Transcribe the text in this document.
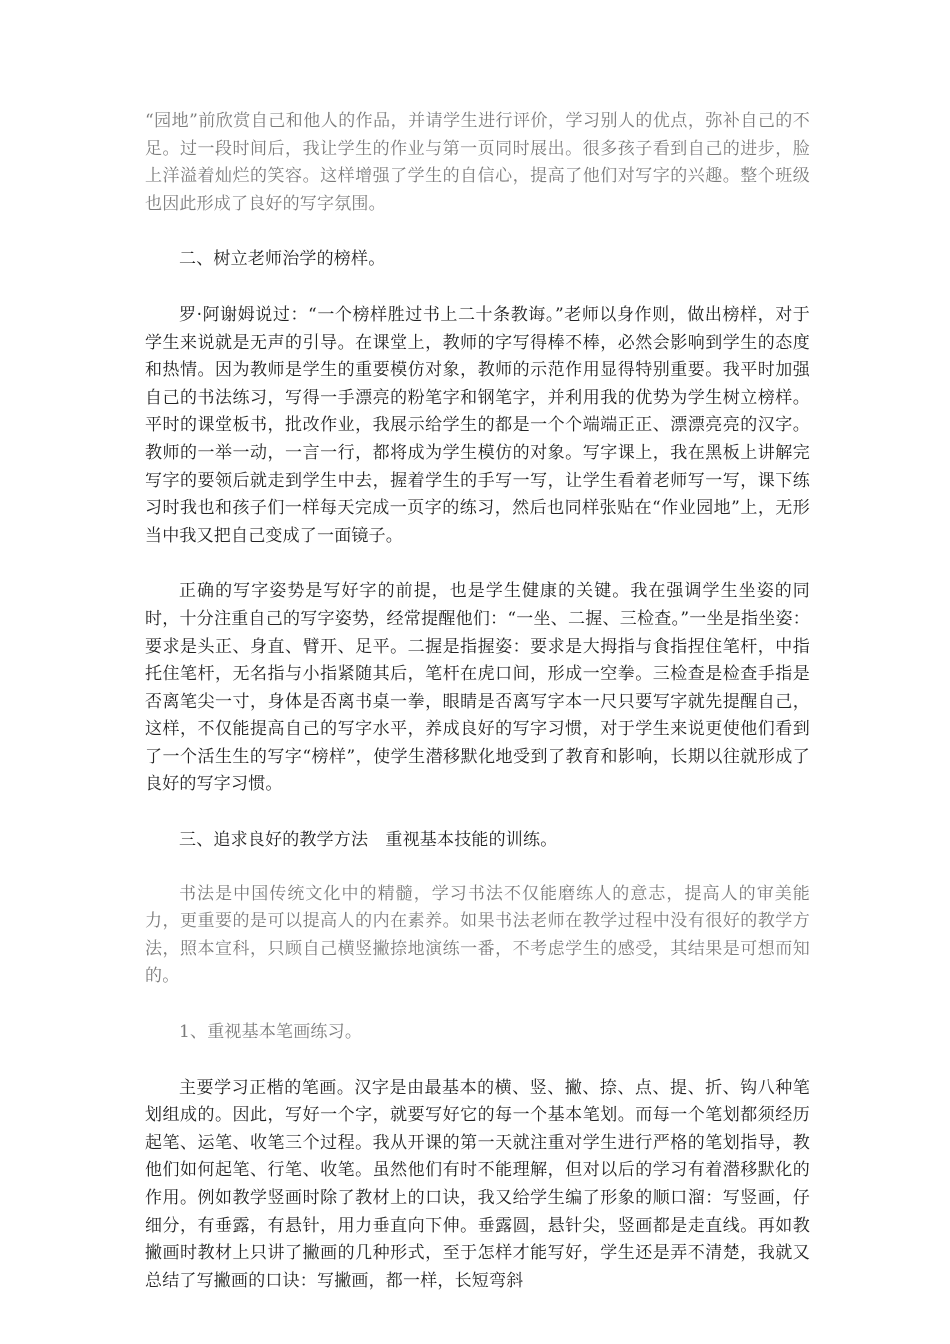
“园地”前欣赏自己和他人的作品，并请学生进行评价，学习别人的优点，弥补自己的不足。过一段时间后，我让学生的作业与第一页同时展出。很多孩子看到自己的进步，脸上洋溢着灿烂的笑容。这样增强了学生的自信心，提高了他们对写字的兴趣。整个班级也因此形成了良好的写字氛围。

二、树立老师治学的榜样。

罗·阿谢姆说过：“一个榜样胜过书上二十条教诲。”老师以身作则，做出榜样，对于学生来说就是无声的引导。在课堂上，教师的字写得棒不棒，必然会影响到学生的态度和热情。因为教师是学生的重要模仿对象，教师的示范作用显得特别重要。我平时加强自己的书法练习，写得一手漂亮的粉笔字和钢笔字，并利用我的优势为学生树立榜样。平时的课堂板书，批改作业，我展示给学生的都是一个个端端正正、漂漂亮亮的汉字。教师的一举一动，一言一行，都将成为学生模仿的对象。写字课上，我在黑板上讲解完写字的要领后就走到学生中去，握着学生的手写一写，让学生看着老师写一写，课下练习时我也和孩子们一样每天完成一页字的练习，然后也同样张贴在“作业园地”上，无形当中我又把自己变成了一面镜子。

正确的写字姿势是写好字的前提，也是学生健康的关键。我在强调学生坐姿的同时，十分注重自己的写字姿势，经常提醒他们：“一坐、二握、三检查。”一坐是指坐姿：要求是头正、身直、臂开、足平。二握是指握姿：要求是大拇指与食指捏住笔杆，中指托住笔杆，无名指与小指紧随其后，笔杆在虎口间，形成一空拳。三检查是检查手指是否离笔尖一寸，身体是否离书桌一拳，眼睛是否离写字本一尺只要写字就先提醒自己，这样，不仅能提高自己的写字水平，养成良好的写字习惯，对于学生来说更使他们看到了一个活生生的写字“榜样”，使学生潜移默化地受到了教育和影响，长期以往就形成了良好的写字习惯。

三、追求良好的教学方法　重视基本技能的训练。

书法是中国传统文化中的精髓，学习书法不仅能磨练人的意志，提高人的审美能力，更重要的是可以提高人的内在素养。如果书法老师在教学过程中没有很好的教学方法，照本宣科，只顾自己横竖撇捺地演练一番，不考虑学生的感受，其结果是可想而知的。

1、重视基本笔画练习。

主要学习正楷的笔画。汉字是由最基本的横、竖、撇、捺、点、提、折、钩八种笔划组成的。因此，写好一个字，就要写好它的每一个基本笔划。而每一个笔划都须经历起笔、运笔、收笔三个过程。我从开课的第一天就注重对学生进行严格的笔划指导，教他们如何起笔、行笔、收笔。虽然他们有时不能理解，但对以后的学习有着潜移默化的作用。例如教学竖画时除了教材上的口诀，我又给学生编了形象的顺口溜：写竖画，仔细分，有垂露，有悬针，用力垂直向下伸。垂露圆，悬针尖，竖画都是走直线。再如教撇画时教材上只讲了撇画的几种形式，至于怎样才能写好，学生还是弄不清楚，我就又总结了写撇画的口诀：写撇画，都一样，长短弯斜
